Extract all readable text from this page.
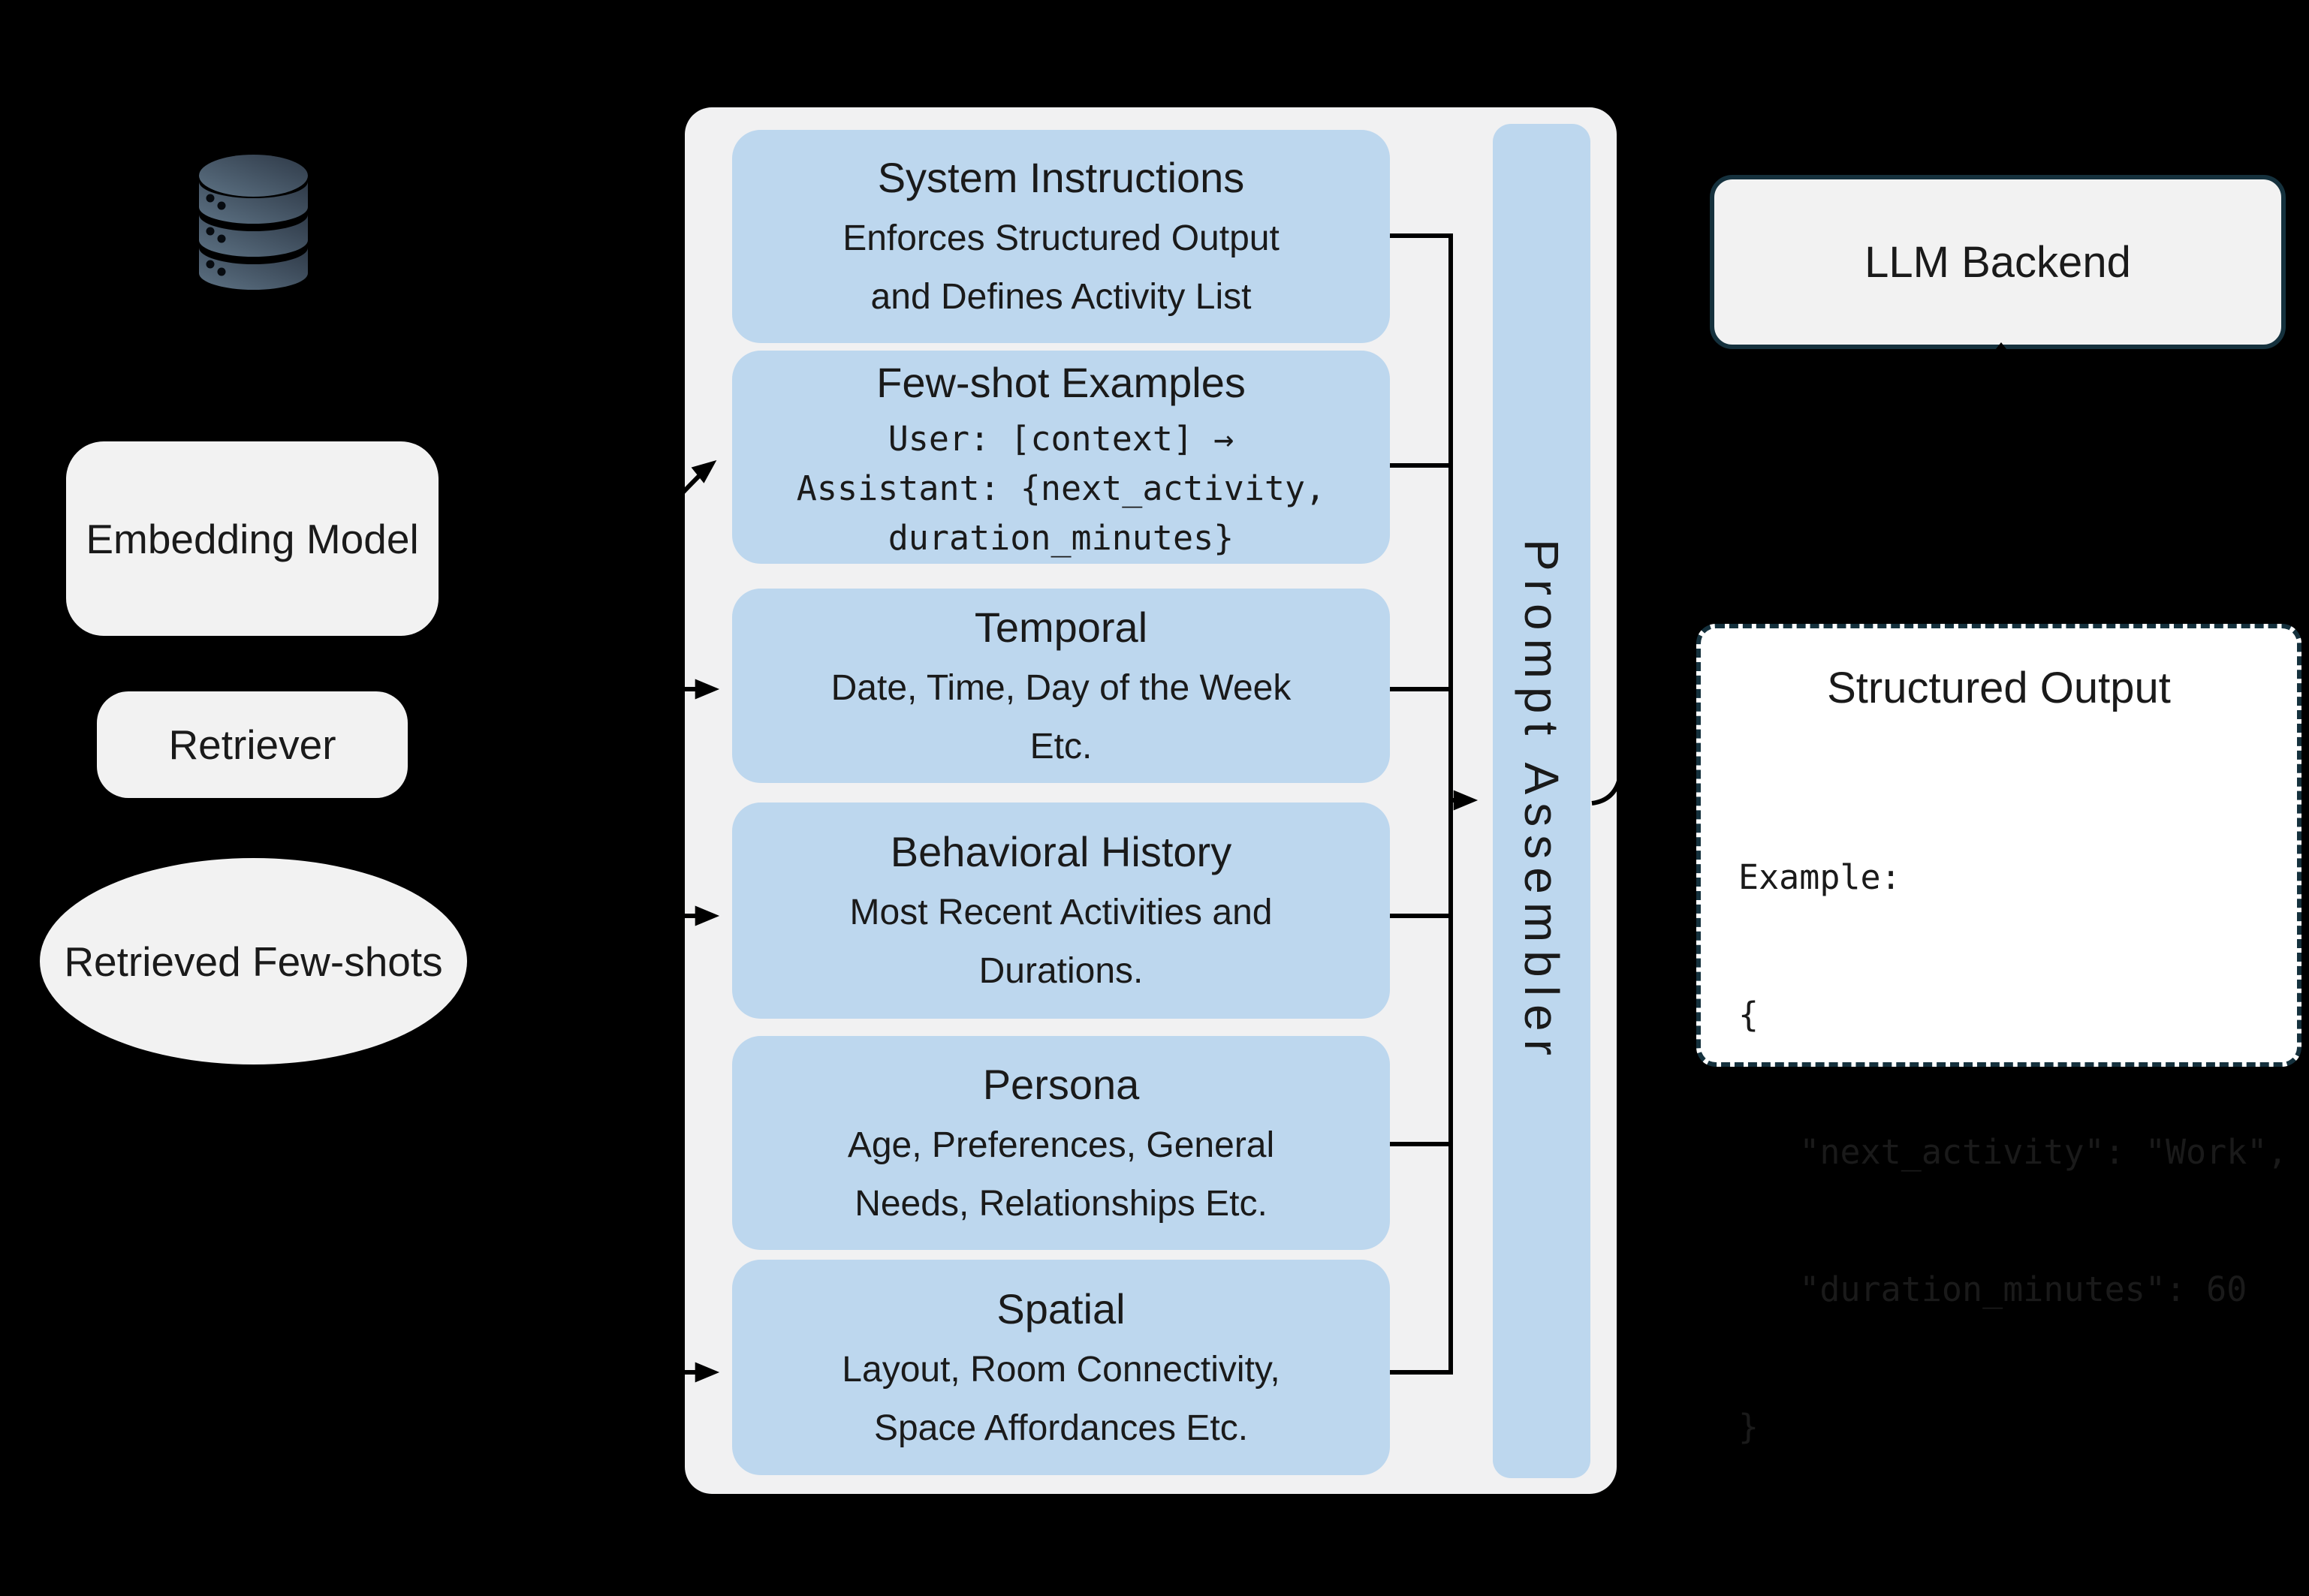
Embedding Model
Retriever
Retrieved Few-shots
System Instructions
Enforces Structured Output
and Defines Activity List
Few-shot Examples
User: [context] →
Assistant: {next_activity,
duration_minutes}
Temporal
Date, Time, Day of the Week
Etc.
Behavioral History
Most Recent Activities and
Durations.
Persona
Age, Preferences, General
Needs, Relationships Etc.
Spatial
Layout, Room Connectivity,
Space Affordances Etc.
Prompt Assembler
LLM Backend
Structured Output

Example:

{

"next_activity": "Work",

"duration_minutes": 60

}
